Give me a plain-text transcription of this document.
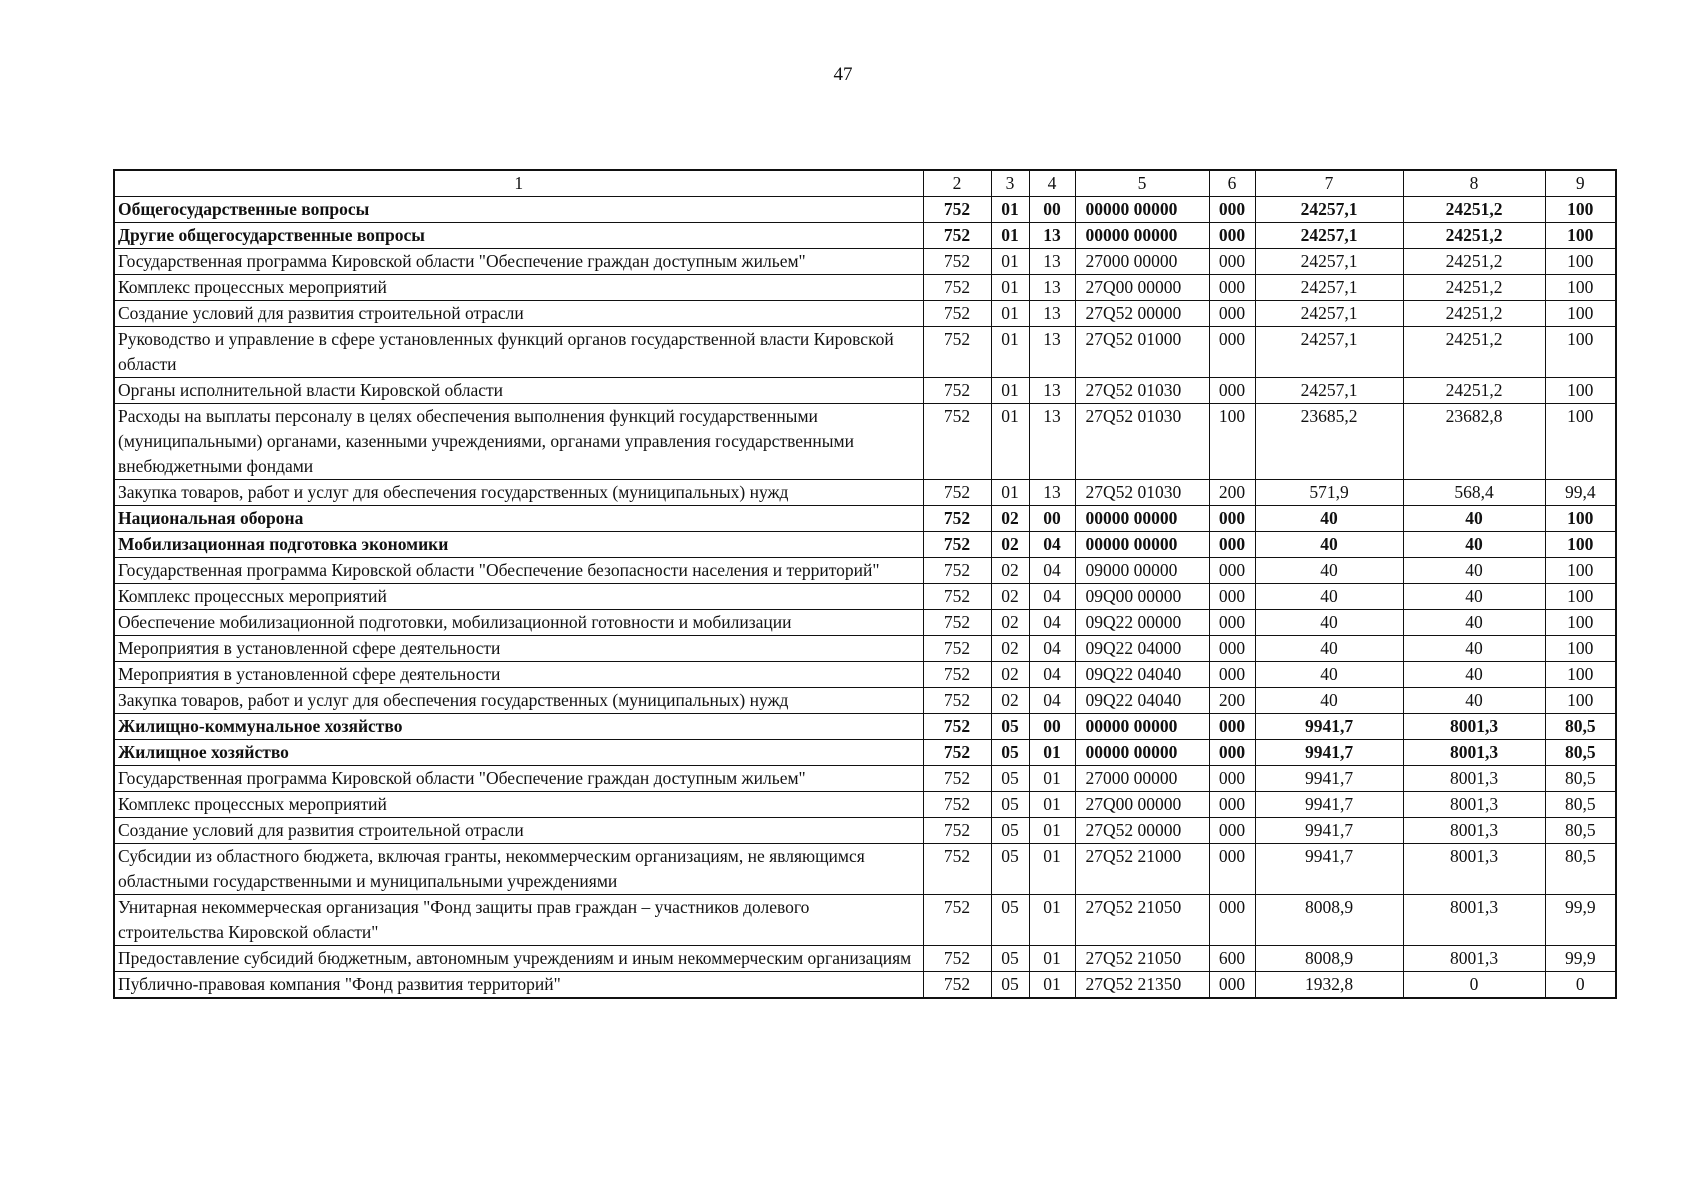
47
1	2	3	4	5	6	7	8	9
Общегосударственные вопросы	752	01	00	00000 00000	000	24257,1	24251,2	100
Другие общегосударственные вопросы	752	01	13	00000 00000	000	24257,1	24251,2	100
Государственная программа Кировской области "Обеспечение граждан доступным жильем"	752	01	13	27000 00000	000	24257,1	24251,2	100
Комплекс процессных мероприятий	752	01	13	27Q00 00000	000	24257,1	24251,2	100
Создание условий для развития строительной отрасли	752	01	13	27Q52 00000	000	24257,1	24251,2	100
Руководство и управление в сфере установленных функций органов государственной власти Кировской области	752	01	13	27Q52 01000	000	24257,1	24251,2	100
Органы исполнительной власти Кировской области	752	01	13	27Q52 01030	000	24257,1	24251,2	100
Расходы на выплаты персоналу в целях обеспечения выполнения функций государственными (муниципальными) органами, казенными учреждениями, органами управления государственными внебюджетными фондами	752	01	13	27Q52 01030	100	23685,2	23682,8	100
Закупка товаров, работ и услуг для обеспечения государственных (муниципальных) нужд	752	01	13	27Q52 01030	200	571,9	568,4	99,4
Национальная оборона	752	02	00	00000 00000	000	40	40	100
Мобилизационная подготовка экономики	752	02	04	00000 00000	000	40	40	100
Государственная программа Кировской области "Обеспечение безопасности населения и территорий"	752	02	04	09000 00000	000	40	40	100
Комплекс процессных мероприятий	752	02	04	09Q00 00000	000	40	40	100
Обеспечение мобилизационной подготовки, мобилизационной готовности и мобилизации	752	02	04	09Q22 00000	000	40	40	100
Мероприятия в установленной сфере деятельности	752	02	04	09Q22 04000	000	40	40	100
Мероприятия в установленной сфере деятельности	752	02	04	09Q22 04040	000	40	40	100
Закупка товаров, работ и услуг для обеспечения государственных (муниципальных) нужд	752	02	04	09Q22 04040	200	40	40	100
Жилищно-коммунальное хозяйство	752	05	00	00000 00000	000	9941,7	8001,3	80,5
Жилищное хозяйство	752	05	01	00000 00000	000	9941,7	8001,3	80,5
Государственная программа Кировской области "Обеспечение граждан доступным жильем"	752	05	01	27000 00000	000	9941,7	8001,3	80,5
Комплекс процессных мероприятий	752	05	01	27Q00 00000	000	9941,7	8001,3	80,5
Создание условий для развития строительной отрасли	752	05	01	27Q52 00000	000	9941,7	8001,3	80,5
Субсидии из областного бюджета, включая гранты, некоммерческим организациям, не являющимся областными государственными и муниципальными учреждениями	752	05	01	27Q52 21000	000	9941,7	8001,3	80,5
Унитарная некоммерческая организация "Фонд защиты прав граждан – участников долевого строительства Кировской области"	752	05	01	27Q52 21050	000	8008,9	8001,3	99,9
Предоставление субсидий бюджетным, автономным учреждениям и иным некоммерческим организациям	752	05	01	27Q52 21050	600	8008,9	8001,3	99,9
Публично-правовая компания "Фонд развития территорий"	752	05	01	27Q52 21350	000	1932,8	0	0
